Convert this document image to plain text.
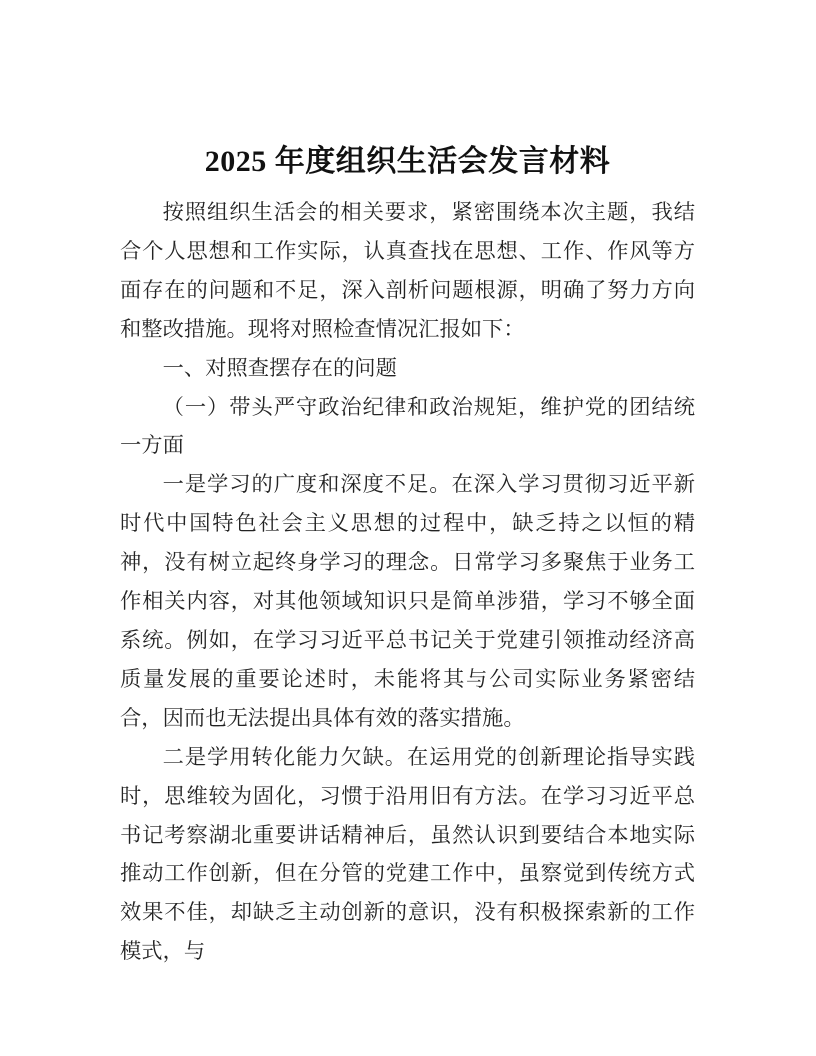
2025 年度组织生活会发言材料

按照组织生活会的相关要求，紧密围绕本次主题，我结合个人思想和工作实际，认真查找在思想、工作、作风等方面存在的问题和不足，深入剖析问题根源，明确了努力方向和整改措施。现将对照检查情况汇报如下：

一、对照查摆存在的问题

（一）带头严守政治纪律和政治规矩，维护党的团结统一方面

一是学习的广度和深度不足。在深入学习贯彻习近平新时代中国特色社会主义思想的过程中，缺乏持之以恒的精神，没有树立起终身学习的理念。日常学习多聚焦于业务工作相关内容，对其他领域知识只是简单涉猎，学习不够全面系统。例如，在学习习近平总书记关于党建引领推动经济高质量发展的重要论述时，未能将其与公司实际业务紧密结合，因而也无法提出具体有效的落实措施。

二是学用转化能力欠缺。在运用党的创新理论指导实践时，思维较为固化，习惯于沿用旧有方法。在学习习近平总书记考察湖北重要讲话精神后，虽然认识到要结合本地实际推动工作创新，但在分管的党建工作中，虽察觉到传统方式效果不佳，却缺乏主动创新的意识，没有积极探索新的工作模式，与
